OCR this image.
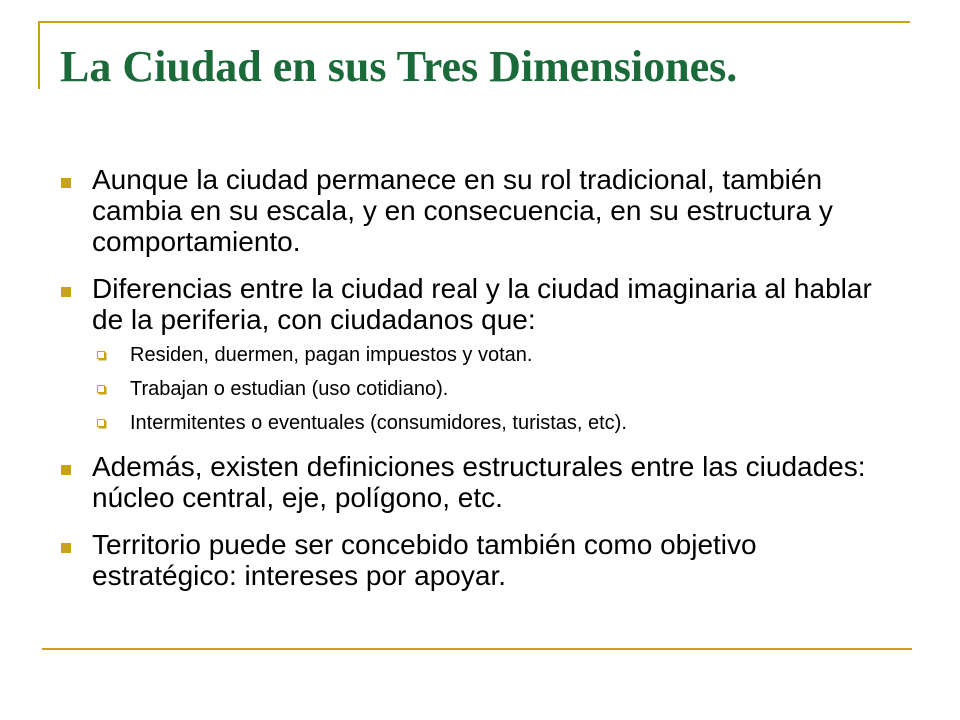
La Ciudad en sus Tres Dimensiones.
Aunque la ciudad permanece en su rol tradicional, también cambia en su escala, y en consecuencia, en su estructura y comportamiento.
Diferencias entre la ciudad real y la ciudad imaginaria al hablar de la periferia, con ciudadanos que:
Residen, duermen, pagan impuestos y votan.
Trabajan o estudian (uso cotidiano).
Intermitentes o eventuales (consumidores, turistas, etc).
Además, existen definiciones estructurales entre las ciudades: núcleo central, eje, polígono, etc.
Territorio puede ser concebido también como objetivo estratégico: intereses por apoyar.
